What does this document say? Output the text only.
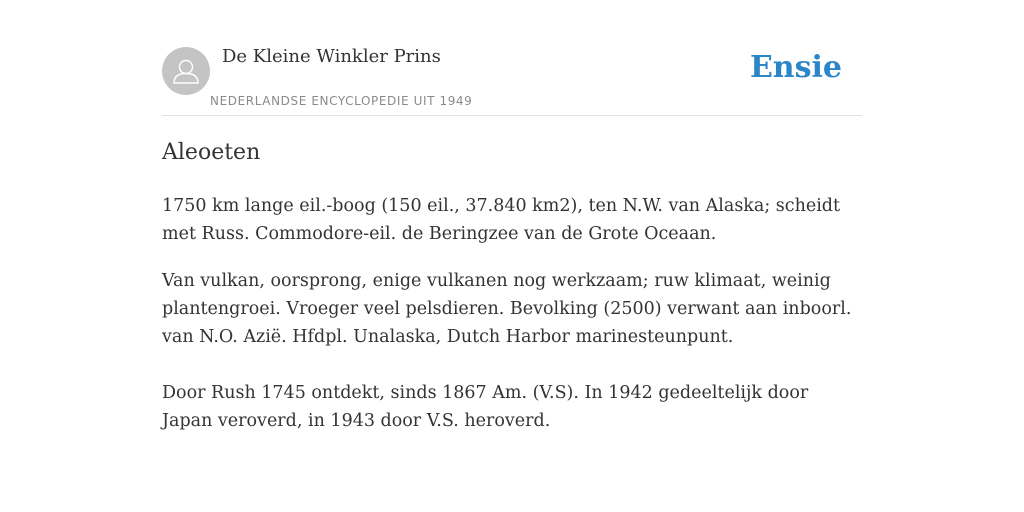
De Kleine Winkler Prins
NEDERLANDSE ENCYCLOPEDIE UIT 1949
Ensie
Aleoeten

1750 km lange eil.-boog (150 eil., 37.840 km2), ten N.W. van Alaska; scheidt met Russ. Commodore-eil. de Beringzee van de Grote Oceaan.

Van vulkan, oorsprong, enige vulkanen nog werkzaam; ruw klimaat, weinig plantengroei. Vroeger veel pelsdieren. Bevolking (2500) verwant aan inboorl. van N.O. Azië. Hfdpl. Unalaska, Dutch Harbor marinesteunpunt.

Door Rush 1745 ontdekt, sinds 1867 Am. (V.S). In 1942 gedeeltelijk door Japan veroverd, in 1943 door V.S. heroverd.
